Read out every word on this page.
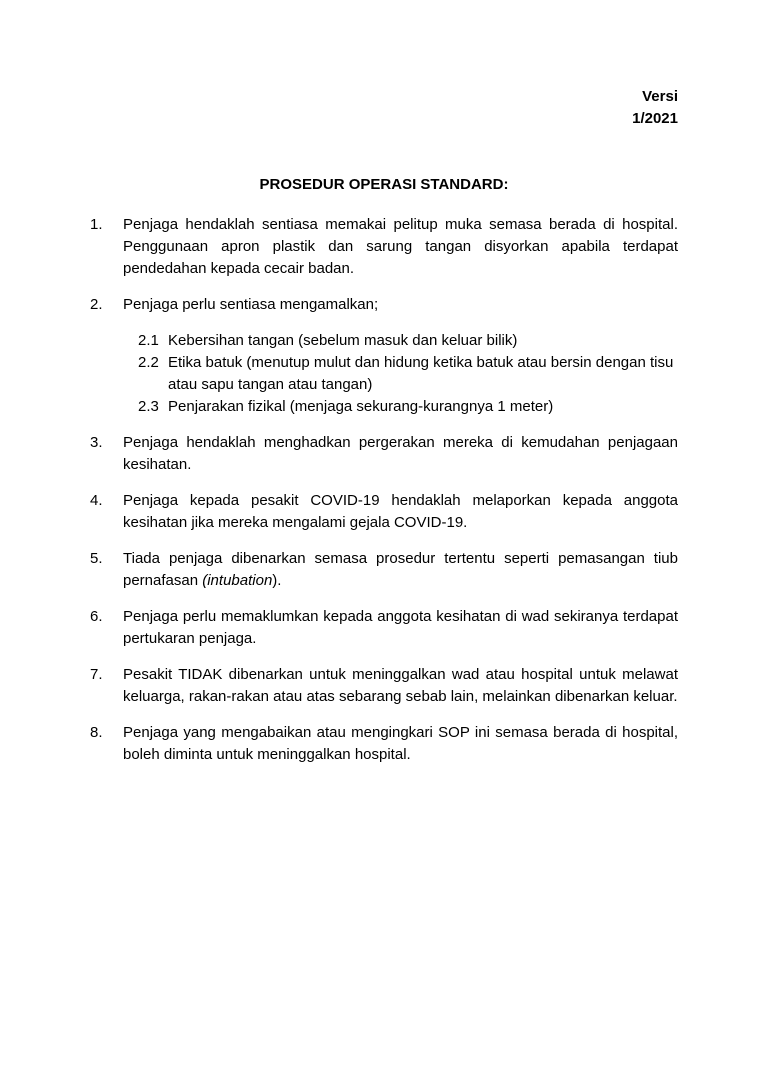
Versi
1/2021
PROSEDUR OPERASI STANDARD:
1.	Penjaga hendaklah sentiasa memakai pelitup muka semasa berada di hospital. Penggunaan apron plastik dan sarung tangan disyorkan apabila terdapat pendedahan kepada cecair badan.
2.	Penjaga perlu sentiasa mengamalkan;
2.1 Kebersihan tangan (sebelum masuk dan keluar bilik)
2.2 Etika batuk (menutup mulut dan hidung ketika batuk atau bersin dengan tisu atau sapu tangan atau tangan)
2.3 Penjarakan fizikal (menjaga sekurang-kurangnya 1 meter)
3.	Penjaga hendaklah menghadkan pergerakan mereka di kemudahan penjagaan kesihatan.
4.	Penjaga kepada pesakit COVID-19 hendaklah melaporkan kepada anggota kesihatan jika mereka mengalami gejala COVID-19.
5.	Tiada penjaga dibenarkan semasa prosedur tertentu seperti pemasangan tiub pernafasan (intubation).
6.	Penjaga perlu memaklumkan kepada anggota kesihatan di wad sekiranya terdapat pertukaran penjaga.
7.	Pesakit TIDAK dibenarkan untuk meninggalkan wad atau hospital untuk melawat keluarga, rakan-rakan atau atas sebarang sebab lain, melainkan dibenarkan keluar.
8.	Penjaga yang mengabaikan atau mengingkari SOP ini semasa berada di hospital, boleh diminta untuk meninggalkan hospital.
